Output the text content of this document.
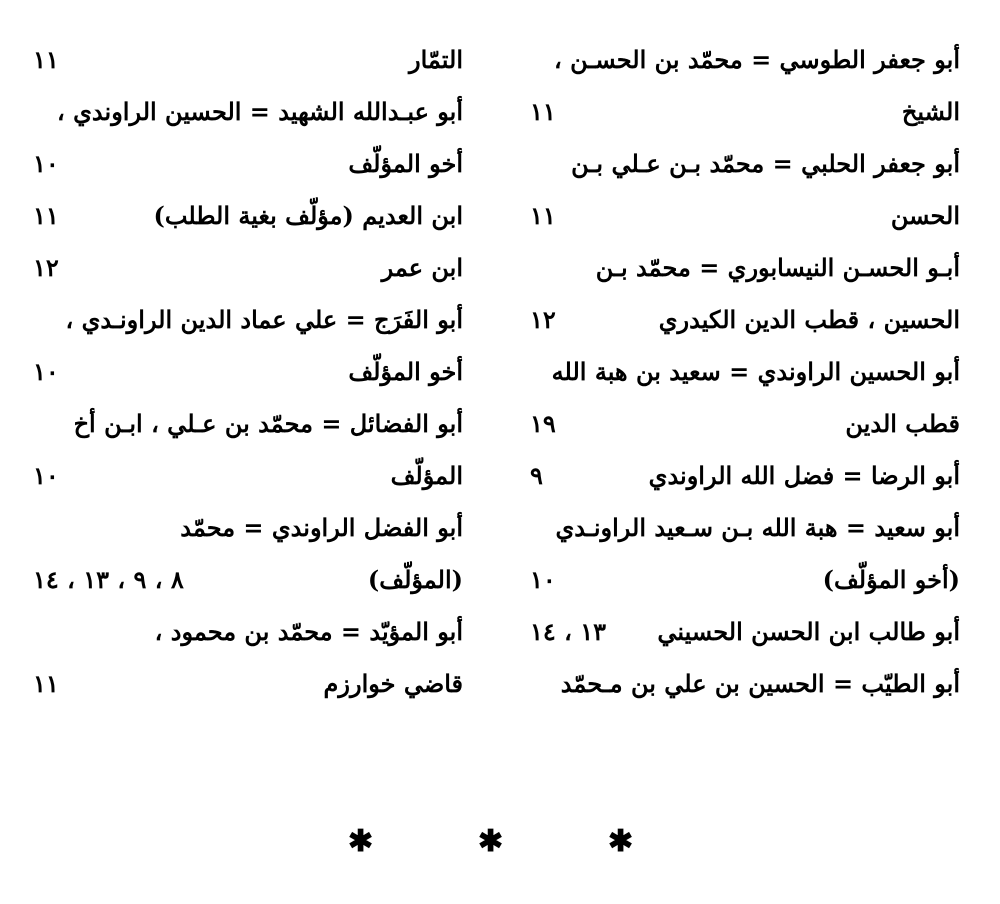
أبو جعفر الطوسي = محمّد بن الحسـن ،
الشيخ
١١
أبو جعفر الحلبي = محمّد بـن عـلي بـن
الحسن
١١
أبـو الحسـن النيسابوري = محمّد بـن
الحسين ، قطب الدين الكيدري
١٢
أبو الحسين الراوندي = سعيد بن هبة الله
قطب الدين
١٩
أبو الرضا = فضل الله الراوندي
٩
أبو سعيد = هبة الله بـن سـعيد الراونـدي
(أخو المؤلّف)
١٠
أبو طالب ابن الحسن الحسيني
١٣ ، ١٤
أبو الطيّب = الحسين بن علي بن مـحمّد
التمّار
١١
أبو عبـدالله الشهيد = الحسين الراوندي ،
أخو المؤلّف
١٠
ابن العديم (مؤلّف بغية الطلب)
١١
ابن عمر
١٢
أبو الفَرَج = علي عماد الدين الراونـدي ،
أخو المؤلّف
١٠
أبو الفضائل = محمّد بن عـلي ، ابـن أخ
المؤلّف
١٠
أبو الفضل الراوندي = محمّد
(المؤلّف)
٨ ، ٩ ، ١٣ ، ١٤
أبو المؤيّد = محمّد بن محمود ،
قاضي خوارزم
١١
✱	✱	✱
